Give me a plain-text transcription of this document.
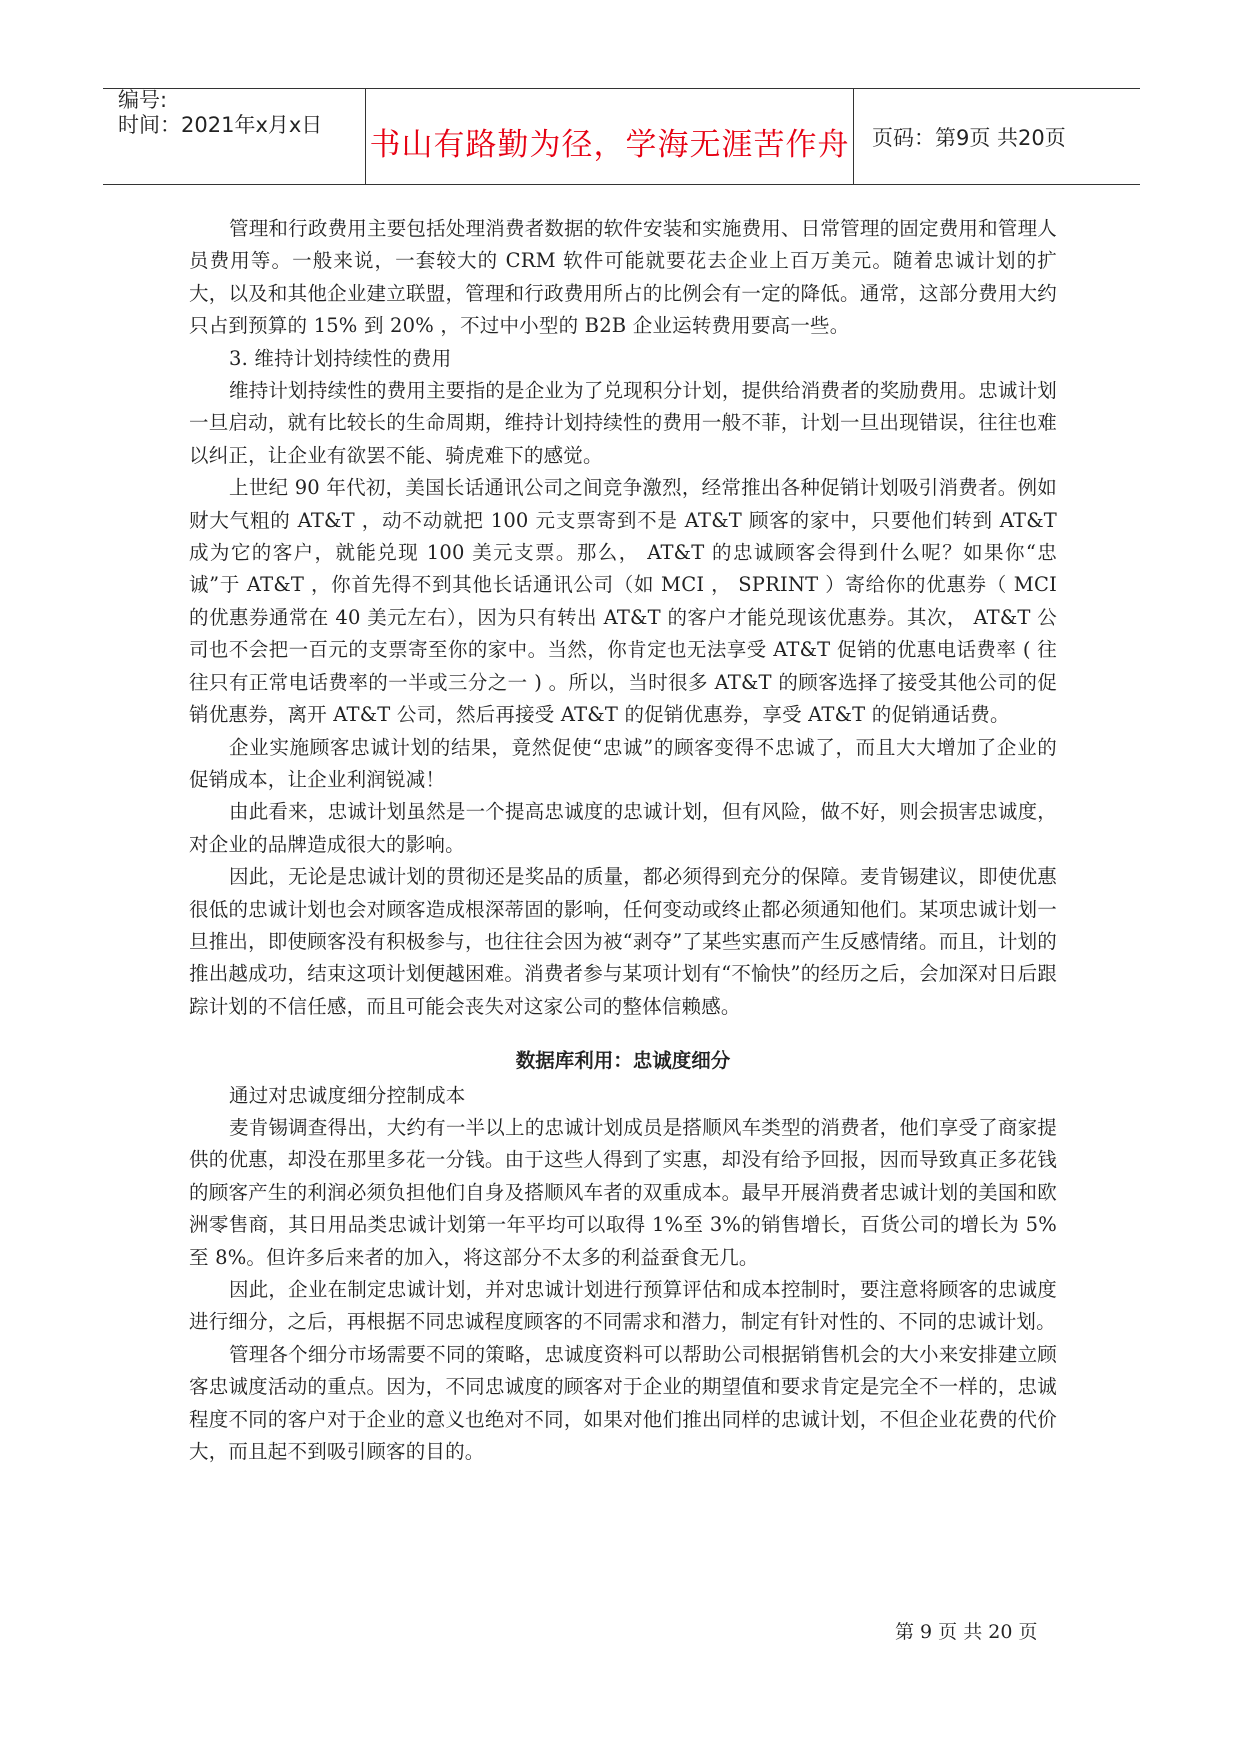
编号:
时间：2021年x月x日
书山有路勤为径，学海无涯苦作舟 页码：第9页 共20页

管理和行政费用主要包括处理消费者数据的软件安装和实施费用、日常管理的固定费用和管理人员费用等。一般来说，一套较大的 CRM 软件可能就要花去企业上百万美元。随着忠诚计划的扩大，以及和其他企业建立联盟，管理和行政费用所占的比例会有一定的降低。通常，这部分费用大约只占到预算的 15% 到 20% ，不过中小型的 B2B 企业运转费用要高一些。

3. 维持计划持续性的费用

维持计划持续性的费用主要指的是企业为了兑现积分计划，提供给消费者的奖励费用。忠诚计划一旦启动，就有比较长的生命周期，维持计划持续性的费用一般不菲，计划一旦出现错误，往往也难以纠正，让企业有欲罢不能、骑虎难下的感觉。

上世纪 90 年代初，美国长话通讯公司之间竞争激烈，经常推出各种促销计划吸引消费者。例如财大气粗的 AT&T ，动不动就把 100 元支票寄到不是 AT&T 顾客的家中，只要他们转到 AT&T 成为它的客户，就能兑现 100 美元支票。那么， AT&T 的忠诚顾客会得到什么呢？如果你“忠诚”于 AT&T ，你首先得不到其他长话通讯公司（如 MCI ， SPRINT ）寄给你的优惠券（ MCI 的优惠券通常在 40 美元左右），因为只有转出 AT&T 的客户才能兑现该优惠券。其次， AT&T 公司也不会把一百元的支票寄至你的家中。当然，你肯定也无法享受 AT&T 促销的优惠电话费率 ( 往往只有正常电话费率的一半或三分之一 ) 。所以，当时很多 AT&T 的顾客选择了接受其他公司的促销优惠券，离开 AT&T 公司，然后再接受 AT&T 的促销优惠券，享受 AT&T 的促销通话费。

企业实施顾客忠诚计划的结果，竟然促使“忠诚”的顾客变得不忠诚了，而且大大增加了企业的促销成本，让企业利润锐减！

由此看来，忠诚计划虽然是一个提高忠诚度的忠诚计划，但有风险，做不好，则会损害忠诚度，对企业的品牌造成很大的影响。

因此，无论是忠诚计划的贯彻还是奖品的质量，都必须得到充分的保障。麦肯锡建议，即使优惠很低的忠诚计划也会对顾客造成根深蒂固的影响，任何变动或终止都必须通知他们。某项忠诚计划一旦推出，即使顾客没有积极参与，也往往会因为被“剥夺”了某些实惠而产生反感情绪。而且，计划的推出越成功，结束这项计划便越困难。消费者参与某项计划有“不愉快”的经历之后，会加深对日后跟踪计划的不信任感，而且可能会丧失对这家公司的整体信赖感。

数据库利用：忠诚度细分

通过对忠诚度细分控制成本

麦肯锡调查得出，大约有一半以上的忠诚计划成员是搭顺风车类型的消费者，他们享受了商家提供的优惠，却没在那里多花一分钱。由于这些人得到了实惠，却没有给予回报，因而导致真正多花钱的顾客产生的利润必须负担他们自身及搭顺风车者的双重成本。最早开展消费者忠诚计划的美国和欧洲零售商，其日用品类忠诚计划第一年平均可以取得 1%至 3%的销售增长，百货公司的增长为 5%至 8%。但许多后来者的加入，将这部分不太多的利益蚕食无几。

因此，企业在制定忠诚计划，并对忠诚计划进行预算评估和成本控制时，要注意将顾客的忠诚度进行细分，之后，再根据不同忠诚程度顾客的不同需求和潜力，制定有针对性的、不同的忠诚计划。

管理各个细分市场需要不同的策略，忠诚度资料可以帮助公司根据销售机会的大小来安排建立顾客忠诚度活动的重点。因为，不同忠诚度的顾客对于企业的期望值和要求肯定是完全不一样的，忠诚程度不同的客户对于企业的意义也绝对不同，如果对他们推出同样的忠诚计划，不但企业花费的代价大，而且起不到吸引顾客的目的。

第 9 页 共 20 页
